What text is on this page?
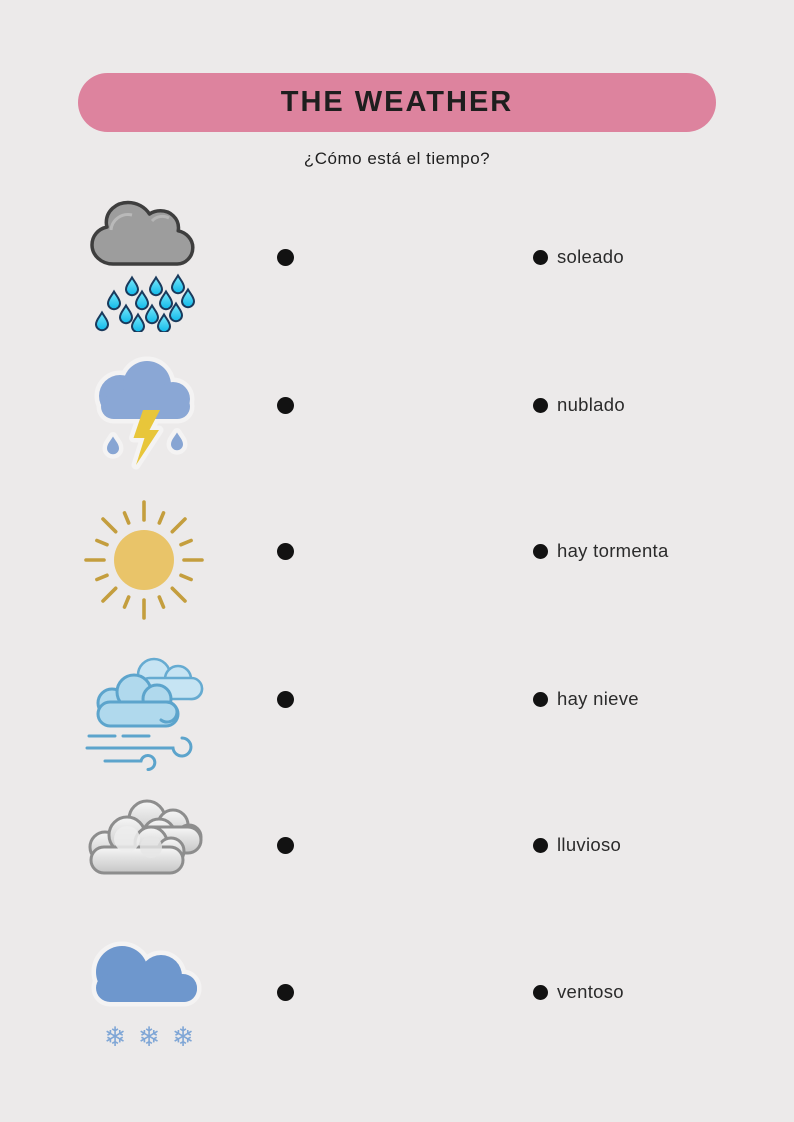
THE WEATHER
¿Cómo está el tiempo?
soleado
nublado
hay tormenta
hay nieve
lluvioso
❄ ❄ ❄
ventoso
